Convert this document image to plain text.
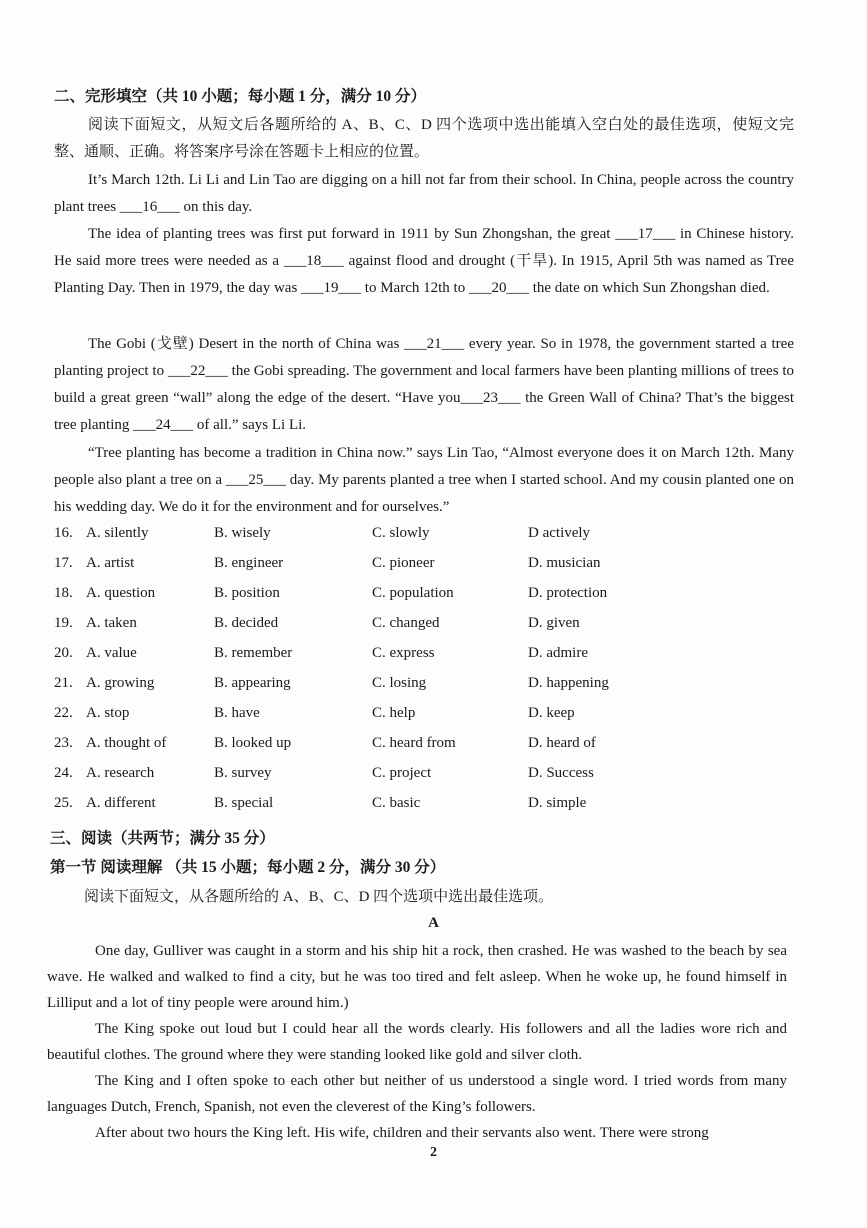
二、完形填空（共 10 小题；每小题 1 分，满分 10 分）
阅读下面短文，从短文后各题所给的 A、B、C、D 四个选项中选出能填入空白处的最佳选项，使短文完整、通顺、正确。将答案序号涂在答题卡上相应的位置。
It’s March 12th. Li Li and Lin Tao are digging on a hill not far from their school. In China, people across the country plant trees ___16___ on this day.
The idea of planting trees was first put forward in 1911 by Sun Zhongshan, the great ___17___ in Chinese history. He said more trees were needed as a ___18___ against flood and drought (干旱). In 1915, April 5th was named as Tree Planting Day. Then in 1979, the day was ___19___ to March 12th to ___20___ the date on which Sun Zhongshan died.
The Gobi (戈壁) Desert in the north of China was ___21___ every year. So in 1978, the government started a tree planting project to ___22___ the Gobi spreading. The government and local farmers have been planting millions of trees to build a great green “wall” along the edge of the desert. “Have you___23___ the Green Wall of China? That’s the biggest tree planting ___24___ of all.” says Li Li.
“Tree planting has become a tradition in China now.” says Lin Tao, “Almost everyone does it on March 12th. Many people also plant a tree on a ___25___ day. My parents planted a tree when I started school. And my cousin planted one on his wedding day. We do it for the environment and for ourselves.”
16. A. silently	B. wisely	C. slowly	D actively
17. A. artist	B. engineer	C. pioneer	D. musician
18. A. question	B. position	C. population	D. protection
19. A. taken	B. decided	C. changed	D. given
20. A. value	B. remember	C. express	D. admire
21. A. growing	B. appearing	C. losing	D. happening
22. A. stop	B. have	C. help	D. keep
23. A. thought of	B. looked up	C. heard from	D. heard of
24. A. research	B. survey	C. project	D. Success
25. A. different	B. special	C. basic	D. simple
三、阅读（共两节；满分 35 分）
第一节 阅读理解 （共 15 小题；每小题 2 分，满分 30 分）
阅读下面短文，从各题所给的 A、B、C、D 四个选项中选出最佳选项。
A
One day, Gulliver was caught in a storm and his ship hit a rock, then crashed. He was washed to the beach by sea wave. He walked and walked to find a city, but he was too tired and felt asleep. When he woke up, he found himself in Lilliput and a lot of tiny people were around him.)
The King spoke out loud but I could hear all the words clearly. His followers and all the ladies wore rich and beautiful clothes. The ground where they were standing looked like gold and silver cloth.
The King and I often spoke to each other but neither of us understood a single word. I tried words from many languages Dutch, French, Spanish, not even the cleverest of the King’s followers.
After about two hours the King left. His wife, children and their servants also went. There were strong
2
